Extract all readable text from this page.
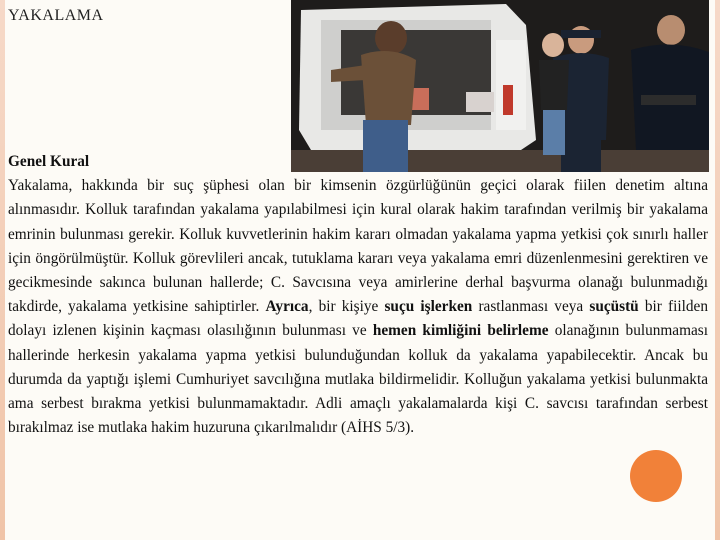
YAKALAMA
Genel Kural
Yakalama, hakkında bir suç şüphesi olan bir kimsenin özgürlüğünün geçici olarak fiilen denetim altına alınmasıdır. Kolluk tarafından yakalama yapılabilmesi için kural olarak hakim tarafından verilmiş bir yakalama emrinin bulunması gerekir. Kolluk kuvvetlerinin hakim kararı olmadan yakalama yapma yetkisi çok sınırlı haller için öngörülmüştür. Kolluk görevlileri ancak, tutuklama kararı veya yakalama emri düzenlenmesini gerektiren ve gecikmesinde sakınca bulunan hallerde; C. Savcısına veya amirlerine derhal başvurma olanağı bulunmadığı takdirde, yakalama yetkisine sahiptirler. Ayrıca, bir kişiye suçu işlerken rastlanması veya suçüstü bir fiilden dolayı izlenen kişinin kaçması olasılığının bulunması ve hemen kimliğini belirleme olanağının bulunmaması hallerinde herkesin yakalama yapma yetkisi bulunduğundan kolluk da yakalama yapabilecektir. Ancak bu durumda da yaptığı işlemi Cumhuriyet savcılığına mutlaka bildirmelidir. Kolluğun yakalama yetkisi bulunmakta ama serbest bırakma yetkisi bulunmamaktadır. Adli amaçlı yakalamalarda kişi C. savcısı tarafından serbest bırakılmaz ise mutlaka hakim huzuruna çıkarılmalıdır (AİHS 5/3).
